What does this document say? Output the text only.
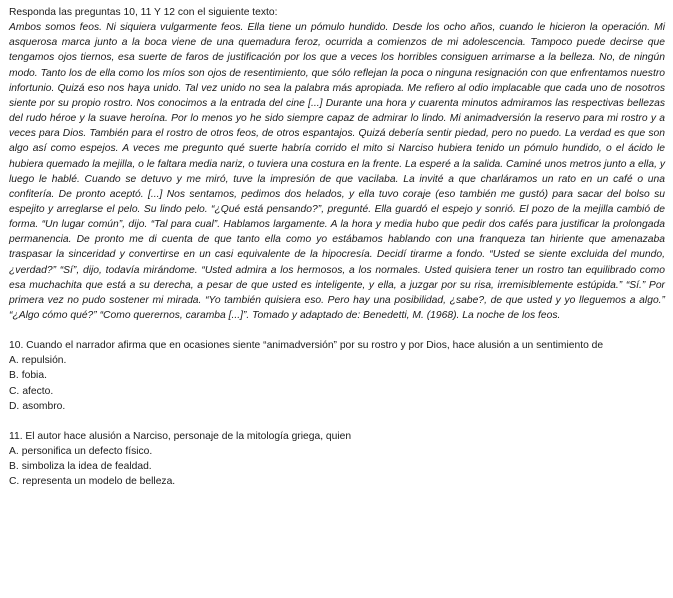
Responda las preguntas 10, 11 Y 12 con el siguiente texto:

Ambos somos feos. Ni siquiera vulgarmente feos. Ella tiene un pómulo hundido. Desde los ocho años, cuando le hicieron la operación. Mi asquerosa marca junto a la boca viene de una quemadura feroz, ocurrida a comienzos de mi adolescencia. Tampoco puede decirse que tengamos ojos tiernos, esa suerte de faros de justificación por los que a veces los horribles consiguen arrimarse a la belleza. No, de ningún modo. Tanto los de ella como los míos son ojos de resentimiento, que sólo reflejan la poca o ninguna resignación con que enfrentamos nuestro infortunio. Quizá eso nos haya unido. Tal vez unido no sea la palabra más apropiada. Me refiero al odio implacable que cada uno de nosotros siente por su propio rostro. Nos conocimos a la entrada del cine [...] Durante una hora y cuarenta minutos admiramos las respectivas bellezas del rudo héroe y la suave heroína. Por lo menos yo he sido siempre capaz de admirar lo lindo. Mi animadversión la reservo para mi rostro y a veces para Dios. También para el rostro de otros feos, de otros espantajos. Quizá debería sentir piedad, pero no puedo. La verdad es que son algo así como espejos. A veces me pregunto qué suerte habría corrido el mito si Narciso hubiera tenido un pómulo hundido, o el ácido le hubiera quemado la mejilla, o le faltara media nariz, o tuviera una costura en la frente. La esperé a la salida. Caminé unos metros junto a ella, y luego le hablé. Cuando se detuvo y me miró, tuve la impresión de que vacilaba. La invité a que charláramos un rato en un café o una confitería. De pronto aceptó. [...] Nos sentamos, pedimos dos helados, y ella tuvo coraje (eso también me gustó) para sacar del bolso su espejito y arreglarse el pelo. Su lindo pelo. “¿Qué está pensando?”, pregunté. Ella guardó el espejo y sonrió. El pozo de la mejilla cambió de forma. “Un lugar común”, dijo. “Tal para cual”. Hablamos largamente. A la hora y media hubo que pedir dos cafés para justificar la prolongada permanencia. De pronto me di cuenta de que tanto ella como yo estábamos hablando con una franqueza tan hiriente que amenazaba traspasar la sinceridad y convertirse en un casi equivalente de la hipocresía. Decidí tirarme a fondo. “Usted se siente excluida del mundo, ¿verdad?” “Sí”, dijo, todavía mirándome. “Usted admira a los hermosos, a los normales. Usted quisiera tener un rostro tan equilibrado como esa muchachita que está a su derecha, a pesar de que usted es inteligente, y ella, a juzgar por su risa, irremisiblemente estúpida.” “Sí.” Por primera vez no pudo sostener mi mirada. “Yo también quisiera eso. Pero hay una posibilidad, ¿sabe?, de que usted y yo lleguemos a algo.” “¿Algo cómo qué?” “Como querernos, caramba [...]”. Tomado y adaptado de: Benedetti, M. (1968). La noche de los feos.

10. Cuando el narrador afirma que en ocasiones siente “animadversión” por su rostro y por Dios, hace alusión a un sentimiento de

A. repulsión.

B. fobia.

C. afecto.

D. asombro.

11. El autor hace alusión a Narciso, personaje de la mitología griega, quien

A. personifica un defecto físico.

B. simboliza la idea de fealdad.

C. representa un modelo de belleza.
